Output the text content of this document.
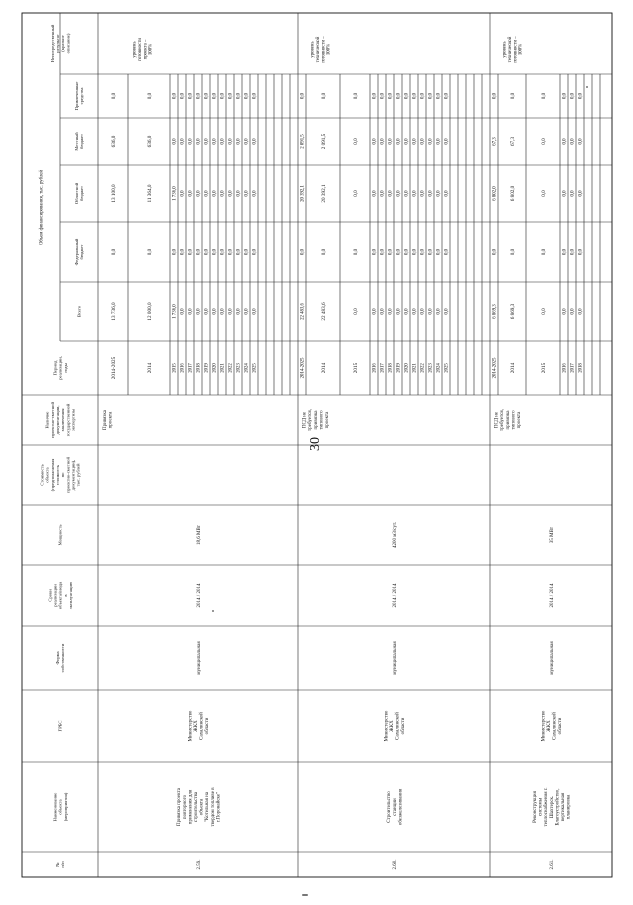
30
№п/п
Наименованиеобъекта(мероприятия)
ГРБС
Формасобственности
Срокиреализацииобъекта/вводавэксплуатацию
Мощность
Стоимостьобъекта(предполагаемаястоимостьпопроектно-сметнойдокументации),тыс. рублей
Наличиепроектно-сметнойдокументации,заключениягосударственнойэкспертизы
Периодреализации,годы
Всего
Федеральныйбюджет
Областнойбюджет
Местныйбюджет
Привлеченныесредства
Непосредственныйрезультат(краткоеописание)
Объем финансирования, тыс. рублей
2.59.
Привязка проектаповторногоприменения длястроительстваобъекта"Котельная натвердом топливе вг.Поронайске"
МинистерствоЖКХСахалинскойобласти
муниципальная
2014 / 2014
18,6 МВт
Привязкапроекта
уровеньготовностипроекта –100%
2014-2025
13 736,0
0,0
13 100,0
636,0
0,0
2014
12 000,0
0,0
11 364,0
636,0
0,0
2015
1 736,0
0,0
1 736,0
0,0
0,0
2016
0,0
0,0
0,0
0,0
0,0
2017
0,0
0,0
0,0
0,0
0,0
2018
0,0
0,0
0,0
0,0
0,0
2019
0,0
0,0
0,0
0,0
0,0
2020
0,0
0,0
0,0
0,0
0,0
2021
0,0
0,0
0,0
0,0
0,0
2022
0,0
0,0
0,0
0,0
0,0
2023
0,0
0,0
0,0
0,0
0,0
2024
0,0
0,0
0,0
0,0
0,0
2025
0,0
0,0
0,0
0,0
0,0
2.60.
Строительствостанцииобезжелезивания
МинистерствоЖКХСахалинскойобласти
муниципальная
2014 / 2014
4200 м3/сут.
ПСД нетребуется,привязкатиповогопроекта
уровеньтехническойготовности –100%
2014-2025
22 483,6
0,0
20 392,1
2 091,5
0,0
2014
22 483,6
0,0
20 392,1
2 091,5
0,0
2015
0,0
0,0
0,0
0,0
0,0
2016
0,0
0,0
0,0
0,0
0,0
2017
0,0
0,0
0,0
0,0
0,0
2018
0,0
0,0
0,0
0,0
0,0
2019
0,0
0,0
0,0
0,0
0,0
2020
0,0
0,0
0,0
0,0
0,0
2021
0,0
0,0
0,0
0,0
0,0
2022
0,0
0,0
0,0
0,0
0,0
2023
0,0
0,0
0,0
0,0
0,0
2024
0,0
0,0
0,0
0,0
0,0
2025
0,0
0,0
0,0
0,0
0,0
2.61.
Реконструкциясистемытеплоснабжения г.Шахтерск.Благоустройство,вертикальнаяпланировка
МинистерствоЖКХСахалинскойобласти
муниципальная
2014 / 2014
35 МВт
ПСД нетребуется,привязкатиповогопроекта
уровеньтехническойготовности –100%
2014-2025
6 869,3
0,0
6 802,0
67,3
0,0
2014
6 869,3
0,0
6 802,0
67,3
0,0
2015
0,0
0,0
0,0
0,0
0,0
2016
0,0
0,0
0,0
0,0
0,0
2017
0,0
0,0
0,0
0,0
0,0
2018
0,0
0,0
0,0
0,0
0,0
